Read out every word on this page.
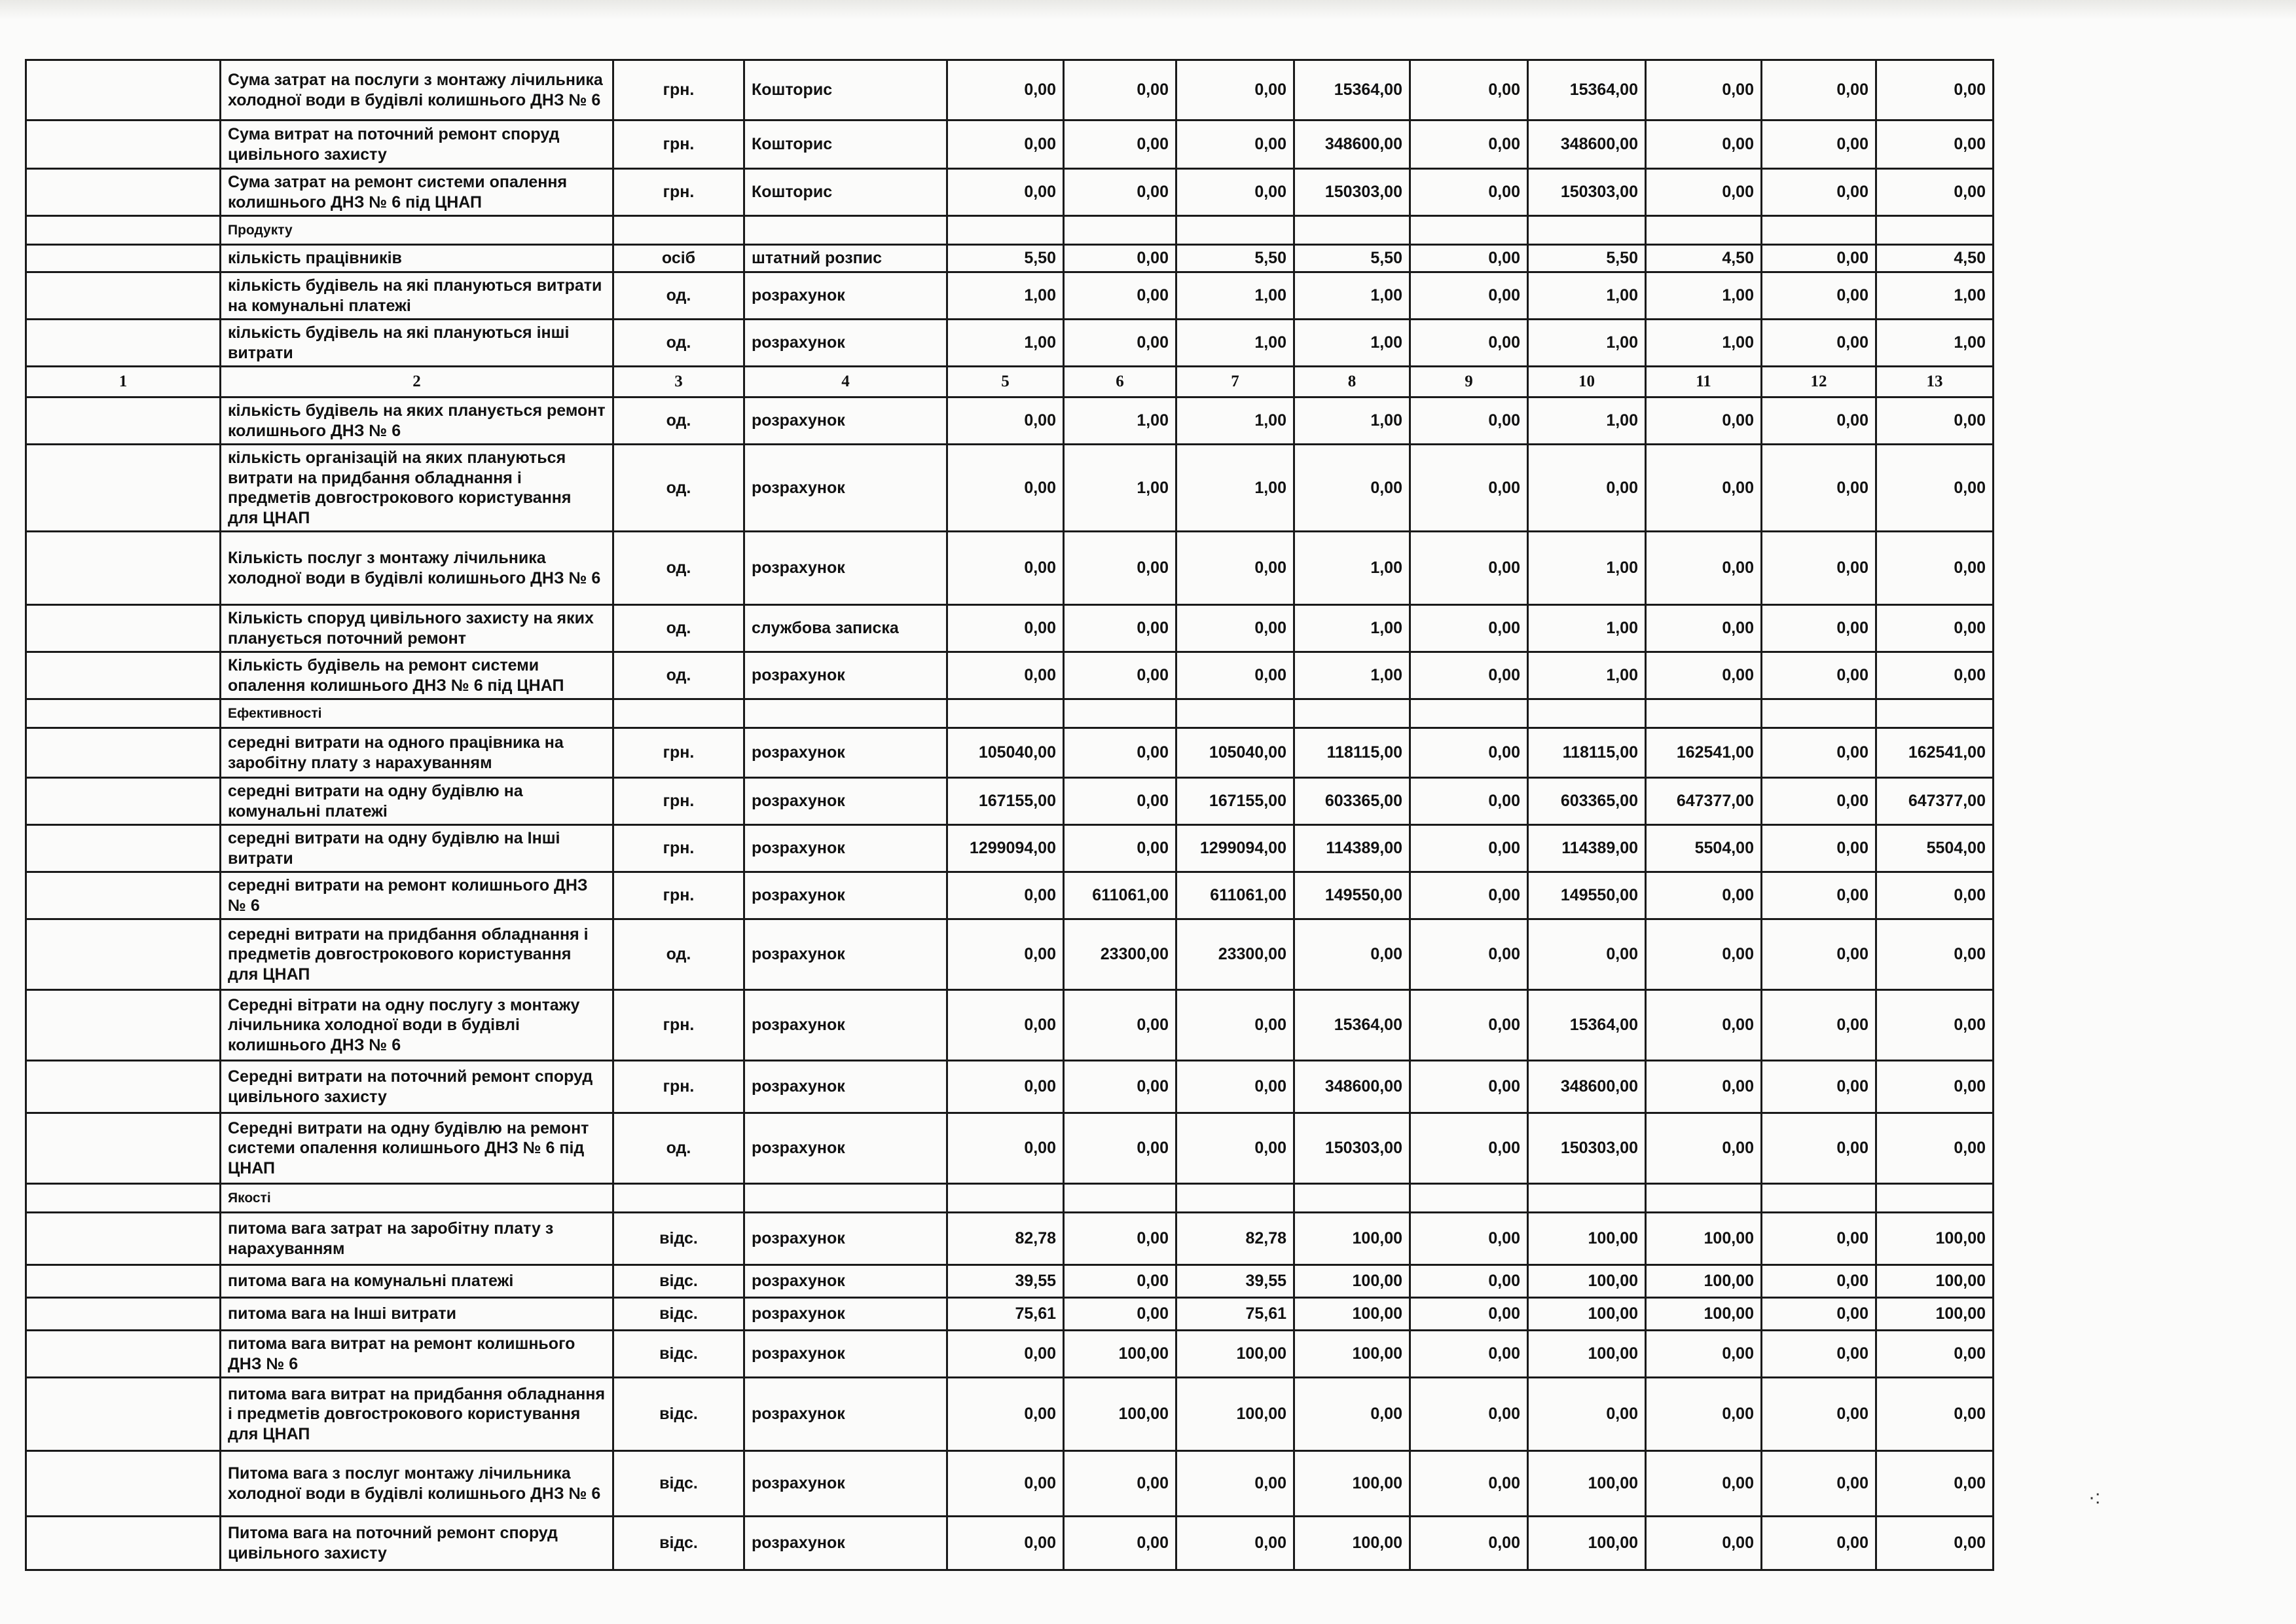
	Сума затрат на послуги з монтажу лічильника холодної води в будівлі колишнього ДНЗ № 6	грн.	Кошторис	0,00	0,00	0,00	15364,00	0,00	15364,00	0,00	0,00	0,00
	Сума витрат на поточний ремонт споруд цивільного захисту	грн.	Кошторис	0,00	0,00	0,00	348600,00	0,00	348600,00	0,00	0,00	0,00
	Сума затрат на ремонт системи опалення колишнього ДНЗ № 6 під ЦНАП	грн.	Кошторис	0,00	0,00	0,00	150303,00	0,00	150303,00	0,00	0,00	0,00
	Продукту											
	кількість працівників	осіб	штатний розпис	5,50	0,00	5,50	5,50	0,00	5,50	4,50	0,00	4,50
	кількість будівель на які плануються витрати на комунальні платежі	од.	розрахунок	1,00	0,00	1,00	1,00	0,00	1,00	1,00	0,00	1,00
	кількість будівель на які плануються інші витрати	од.	розрахунок	1,00	0,00	1,00	1,00	0,00	1,00	1,00	0,00	1,00
1	2	3	4	5	6	7	8	9	10	11	12	13
	кількість будівель на яких планується ремонт колишнього ДНЗ № 6	од.	розрахунок	0,00	1,00	1,00	1,00	0,00	1,00	0,00	0,00	0,00
	кількість організацій на яких плануються витрати на придбання обладнання і предметів довгострокового користування для ЦНАП	од.	розрахунок	0,00	1,00	1,00	0,00	0,00	0,00	0,00	0,00	0,00
	Кількість послуг з монтажу лічильника холодної води в будівлі колишнього ДНЗ № 6	од.	розрахунок	0,00	0,00	0,00	1,00	0,00	1,00	0,00	0,00	0,00
	Кількість споруд цивільного захисту на яких планується поточний ремонт	од.	службова записка	0,00	0,00	0,00	1,00	0,00	1,00	0,00	0,00	0,00
	Кількість будівель на ремонт системи опалення колишнього ДНЗ № 6 під ЦНАП	од.	розрахунок	0,00	0,00	0,00	1,00	0,00	1,00	0,00	0,00	0,00
	Ефективності											
	середні витрати на одного працівника на заробітну плату з нарахуванням	грн.	розрахунок	105040,00	0,00	105040,00	118115,00	0,00	118115,00	162541,00	0,00	162541,00
	середні витрати на одну будівлю на комунальні платежі	грн.	розрахунок	167155,00	0,00	167155,00	603365,00	0,00	603365,00	647377,00	0,00	647377,00
	середні витрати на одну будівлю на Інші витрати	грн.	розрахунок	1299094,00	0,00	1299094,00	114389,00	0,00	114389,00	5504,00	0,00	5504,00
	середні витрати на ремонт колишнього ДНЗ № 6	грн.	розрахунок	0,00	611061,00	611061,00	149550,00	0,00	149550,00	0,00	0,00	0,00
	середні витрати на придбання обладнання і предметів довгострокового користування для ЦНАП	од.	розрахунок	0,00	23300,00	23300,00	0,00	0,00	0,00	0,00	0,00	0,00
	Середні вітрати на одну послугу з монтажу лічильника холодної води в будівлі колишнього ДНЗ № 6	грн.	розрахунок	0,00	0,00	0,00	15364,00	0,00	15364,00	0,00	0,00	0,00
	Середні витрати на поточний ремонт споруд цивільного захисту	грн.	розрахунок	0,00	0,00	0,00	348600,00	0,00	348600,00	0,00	0,00	0,00
	Середні витрати на одну будівлю на ремонт системи опалення колишнього ДНЗ № 6 під ЦНАП	од.	розрахунок	0,00	0,00	0,00	150303,00	0,00	150303,00	0,00	0,00	0,00
	Якості											
	питома вага затрат на заробітну плату з нарахуванням	відс.	розрахунок	82,78	0,00	82,78	100,00	0,00	100,00	100,00	0,00	100,00
	питома вага на комунальні платежі	відс.	розрахунок	39,55	0,00	39,55	100,00	0,00	100,00	100,00	0,00	100,00
	питома вага на Інші витрати	відс.	розрахунок	75,61	0,00	75,61	100,00	0,00	100,00	100,00	0,00	100,00
	питома вага витрат на ремонт колишнього ДНЗ № 6	відс.	розрахунок	0,00	100,00	100,00	100,00	0,00	100,00	0,00	0,00	0,00
	питома вага витрат на придбання обладнання і предметів довгострокового користування для ЦНАП	відс.	розрахунок	0,00	100,00	100,00	0,00	0,00	0,00	0,00	0,00	0,00
	Питома вага з послуг монтажу лічильника холодної води в будівлі колишнього ДНЗ № 6	відс.	розрахунок	0,00	0,00	0,00	100,00	0,00	100,00	0,00	0,00	0,00
	Питома вага на поточний ремонт споруд цивільного захисту	відс.	розрахунок	0,00	0,00	0,00	100,00	0,00	100,00	0,00	0,00	0,00
·:
